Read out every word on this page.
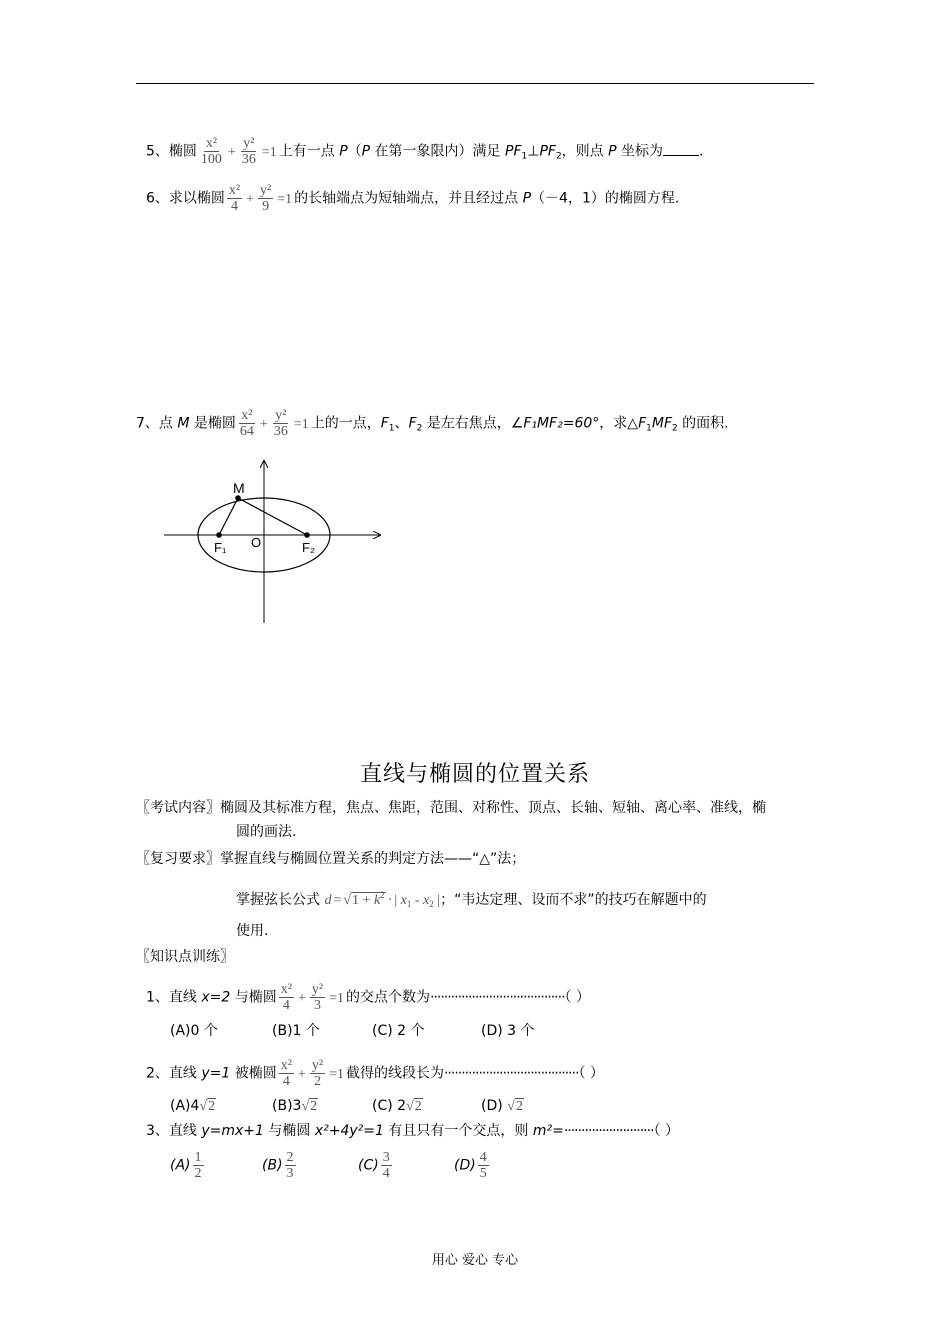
5、椭圆 $\frac{\text{x²}}{100} + \frac{\text{y²}}{36} =1$ 上有一点 P（P 在第一象限内）满足 $PF_1\perp PF_2$，则点 P 坐标为	.
6、求以椭圆 $\frac{\text{x²}}{4} + \frac{\text{y²}}{9} =1$ 的长轴端点为短轴端点，并且经过点 P（－4，1）的椭圆方程.
7、点 M 是椭圆 $\frac{\text{x²}}{64} + \frac{\text{y²}}{36} =1$ 上的一点，$F_1$、$F_2$ 是左右焦点，∠F₁MF₂=60°，求$\triangle F_1MF_2$ 的面积.
M
F₁ O	F₂
直线与椭圆的位置关系
〖考试内容〗椭圆及其标准方程，焦点、焦距，范围、对称性、顶点、长轴、短轴、离心率、准线，椭
圆的画法.
〖复习要求〗掌握直线与椭圆位置关系的判定方法——“△”法；
掌握弦长公式 $d = √1 + k^2$ · | $x_1 - x_2$ |；“韦达定理、设而不求”的技巧在解题中的
使用.
〖知识点训练〗
1、直线 x=2 与椭圆 $\frac{\text{x²}}{4} + \frac{\text{y²}}{3} =1$ 的交点个数为·······································（ ）
(A)0 个	(B)1 个	(C) 2 个	(D) 3 个
2、直线 y=1 被椭圆 $\frac{\text{x²}}{4} + \frac{\text{y²}}{2} =1$ 截得的线段长为·······································（ ）
(A)4√2	(B)3√2	(C) 2√2	(D) √2
3、直线 y=mx+1 与椭圆 x²+4y²=1 有且只有一个交点，则 m²=··························（ ）
$(A) \frac{1}{2}$	$(B) \frac{2}{3}$	$(C) \frac{3}{4}$	$(D) \frac{4}{5}$
用心 爱心 专心
